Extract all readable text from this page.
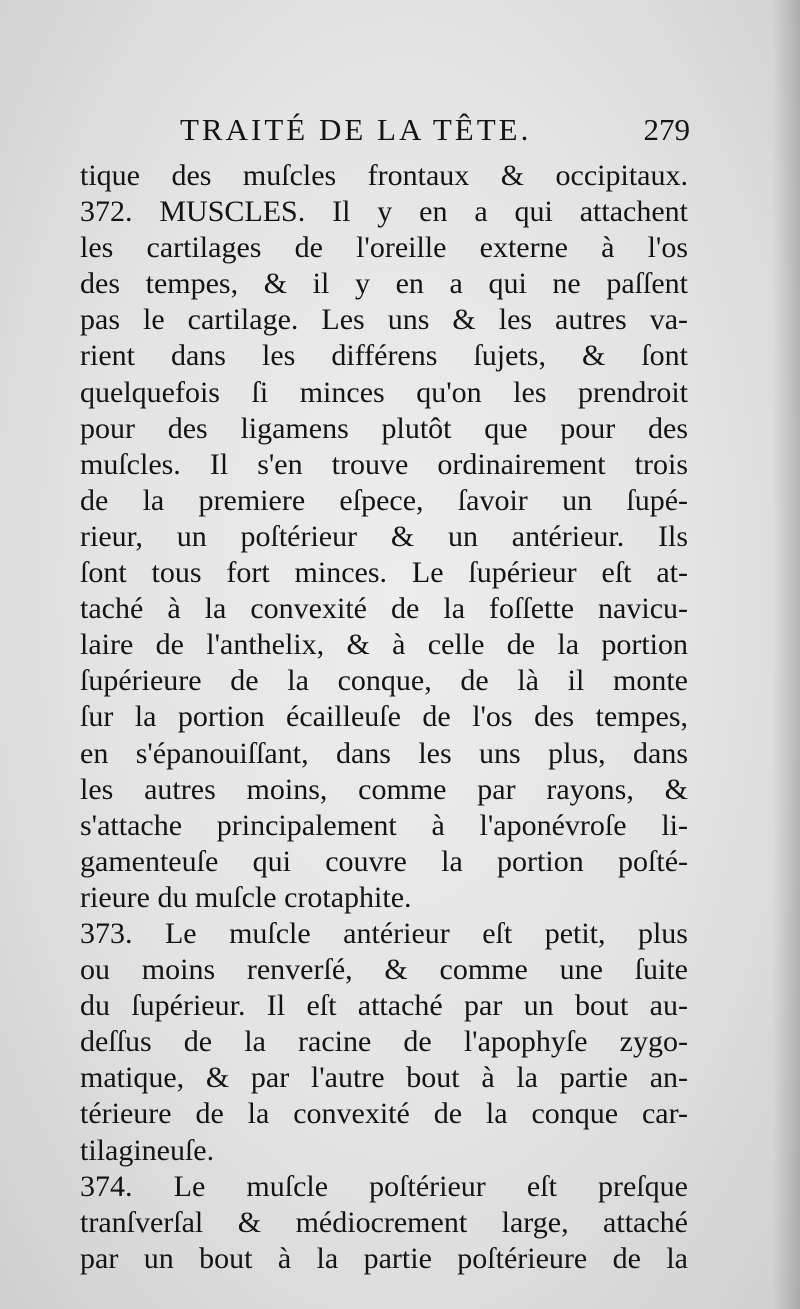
TRAITÉ DE LA TÊTE.	279
tique des muſcles frontaux & occipitaux.
372. MUSCLES. Il y en a qui attachent
les cartilages de l'oreille externe à l'os
des tempes, & il y en a qui ne paſſent
pas le cartilage. Les uns & les autres va-
rient dans les différens ſujets, & ſont
quelquefois ſi minces qu'on les prendroit
pour des ligamens plutôt que pour des
muſcles. Il s'en trouve ordinairement trois
de la premiere eſpece, ſavoir un ſupé-
rieur, un poſtérieur & un antérieur. Ils
ſont tous fort minces. Le ſupérieur eſt at-
taché à la convexité de la foſſette navicu-
laire de l'anthelix, & à celle de la portion
ſupérieure de la conque, de là il monte
ſur la portion écailleuſe de l'os des tempes,
en s'épanouiſſant, dans les uns plus, dans
les autres moins, comme par rayons, &
s'attache principalement à l'aponévroſe li-
gamenteuſe qui couvre la portion poſté-
rieure du muſcle crotaphite.
373. Le muſcle antérieur eſt petit, plus
ou moins renverſé, & comme une ſuite
du ſupérieur. Il eſt attaché par un bout au-
deſſus de la racine de l'apophyſe zygo-
matique, & par l'autre bout à la partie an-
térieure de la convexité de la conque car-
tilagineuſe.
374. Le muſcle poſtérieur eſt preſque
tranſverſal & médiocrement large, attaché
par un bout à la partie poſtérieure de la
